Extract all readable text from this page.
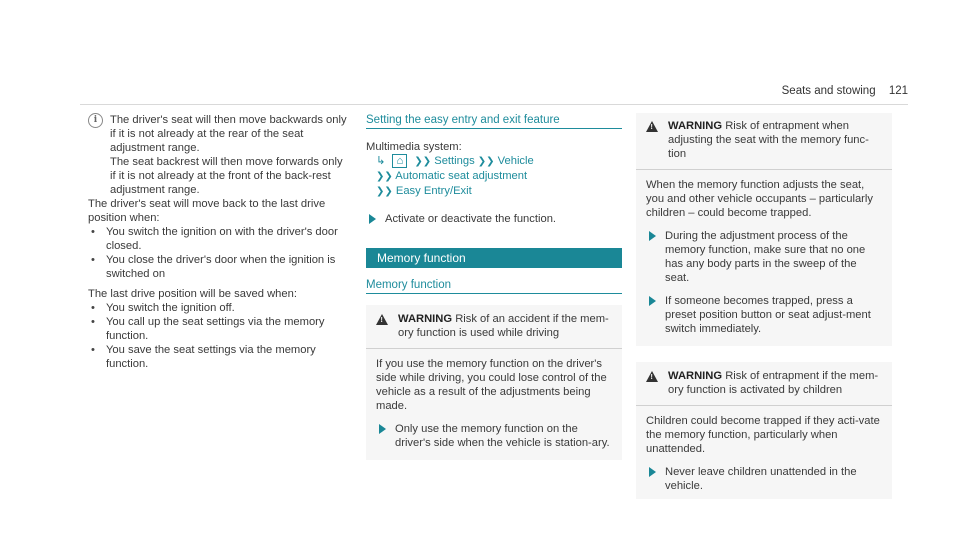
Seats and stowing 121
i	The driver's seat will then move backwards only if it is not already at the rear of the seat adjustment range.

The seat backrest will then move forwards only if it is not already at the front of the back-rest adjustment range.

The driver's seat will move back to the last drive position when:

• You switch the ignition on with the driver's door closed.
• You close the driver's door when the ignition is switched on

The last drive position will be saved when:

• You switch the ignition off.
• You call up the seat settings via the memory function.
• You save the seat settings via the memory function.
Setting the easy entry and exit feature

Multimedia system:

↳ ⌂ ❯❯ Settings ❯❯ Vehicle
❯❯ Automatic seat adjustment
❯❯ Easy Entry/Exit

Activate or deactivate the function.

Memory function
Memory function
! WARNING Risk of an accident if the mem-ory function is used while driving

If you use the memory function on the driver's side while driving, you could lose control of the vehicle as a result of the adjustments being made.

Only use the memory function on the driver's side when the vehicle is station-ary.

! WARNING Risk of entrapment when adjusting the seat with the memory func-tion

When the memory function adjusts the seat, you and other vehicle occupants – particularly children – could become trapped.

During the adjustment process of the memory function, make sure that no one has any body parts in the sweep of the seat.

If someone becomes trapped, press a preset position button or seat adjust-ment switch immediately.

! WARNING Risk of entrapment if the mem-ory function is activated by children

Children could become trapped if they acti-vate the memory function, particularly when unattended.

Never leave children unattended in the vehicle.
